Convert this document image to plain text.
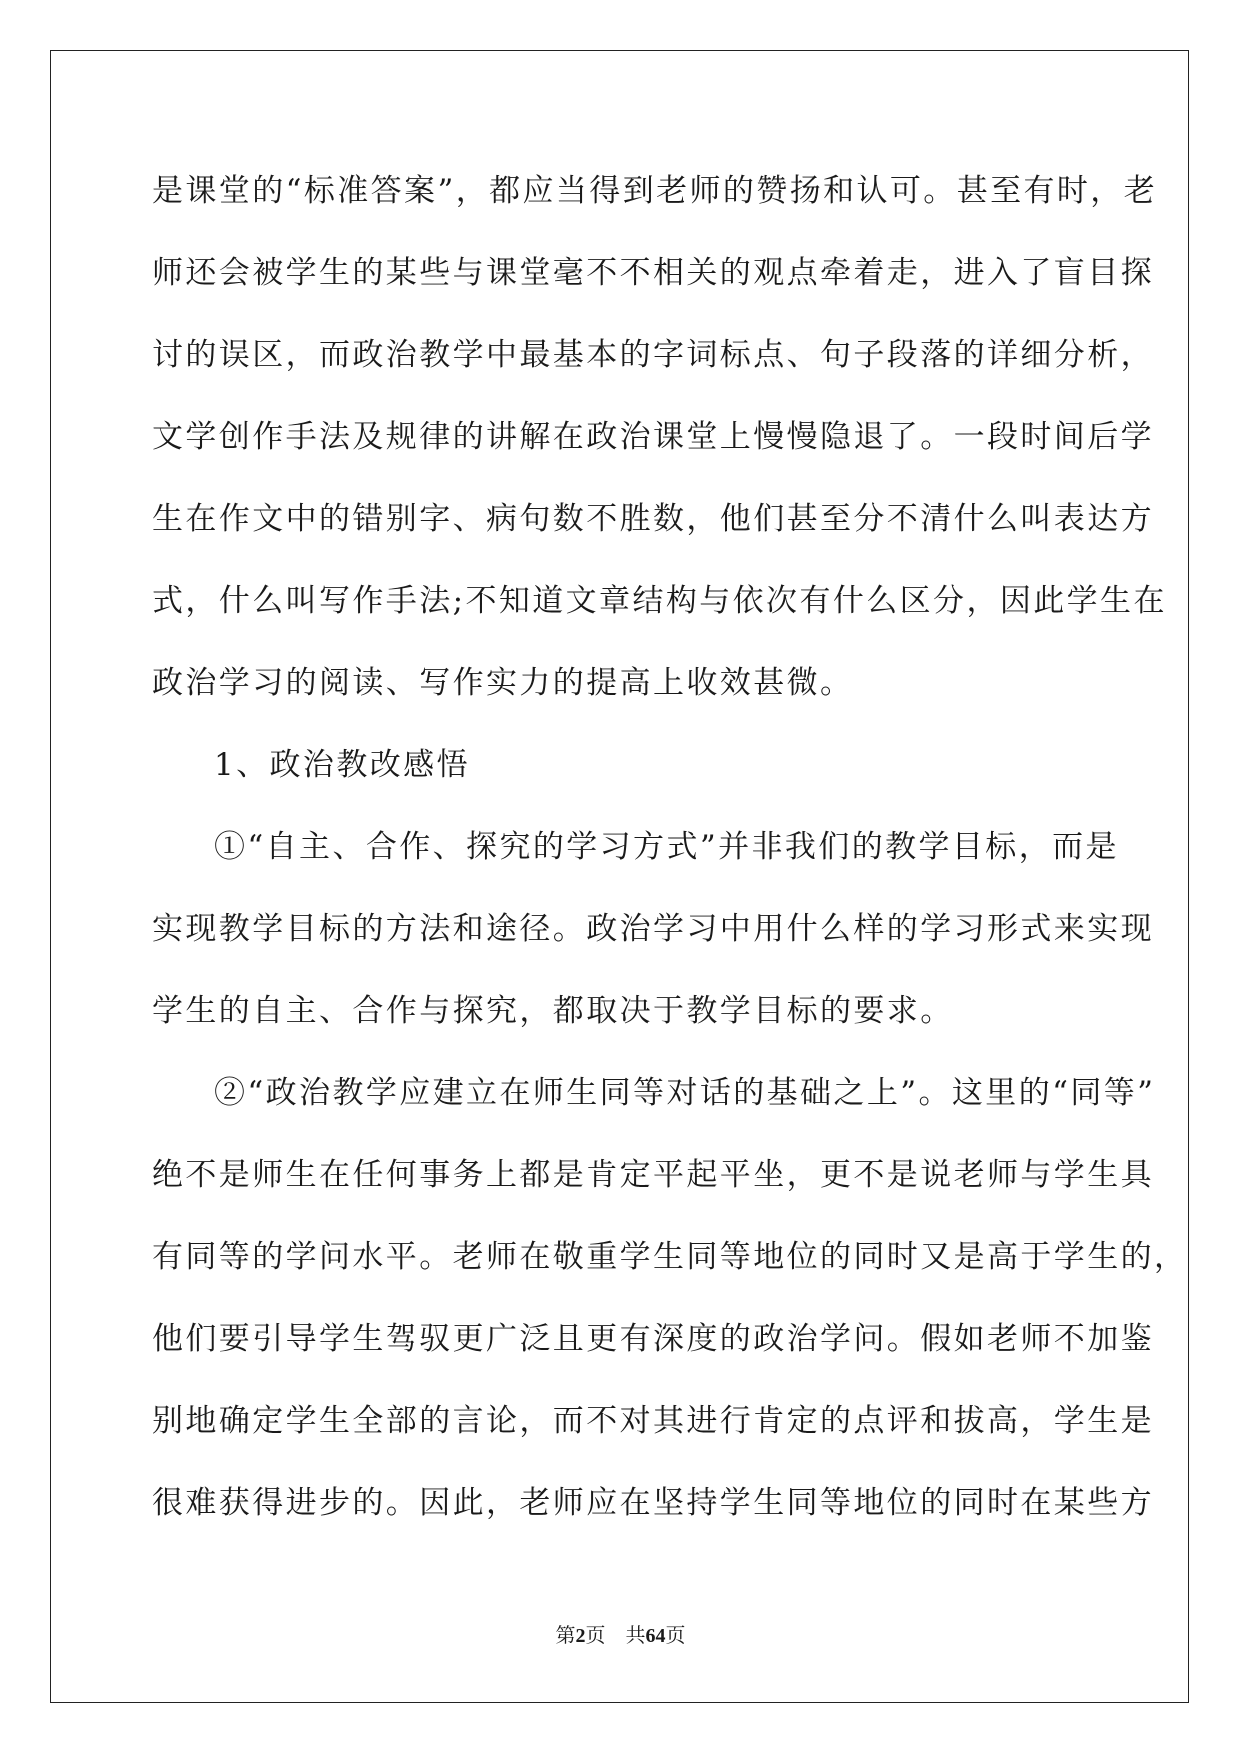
是课堂的“标准答案”，都应当得到老师的赞扬和认可。甚至有时，老
师还会被学生的某些与课堂毫不不相关的观点牵着走，进入了盲目探
讨的误区，而政治教学中最基本的字词标点、句子段落的详细分析，
文学创作手法及规律的讲解在政治课堂上慢慢隐退了。一段时间后学
生在作文中的错别字、病句数不胜数，他们甚至分不清什么叫表达方
式，什么叫写作手法;不知道文章结构与依次有什么区分，因此学生在
政治学习的阅读、写作实力的提高上收效甚微。
1、政治教改感悟
①“自主、合作、探究的学习方式”并非我们的教学目标，而是
实现教学目标的方法和途径。政治学习中用什么样的学习形式来实现
学生的自主、合作与探究，都取决于教学目标的要求。
②“政治教学应建立在师生同等对话的基础之上”。这里的“同等”
绝不是师生在任何事务上都是肯定平起平坐，更不是说老师与学生具
有同等的学问水平。老师在敬重学生同等地位的同时又是高于学生的，
他们要引导学生驾驭更广泛且更有深度的政治学问。假如老师不加鉴
别地确定学生全部的言论，而不对其进行肯定的点评和拔高，学生是
很难获得进步的。因此，老师应在坚持学生同等地位的同时在某些方
第2页 共64页
